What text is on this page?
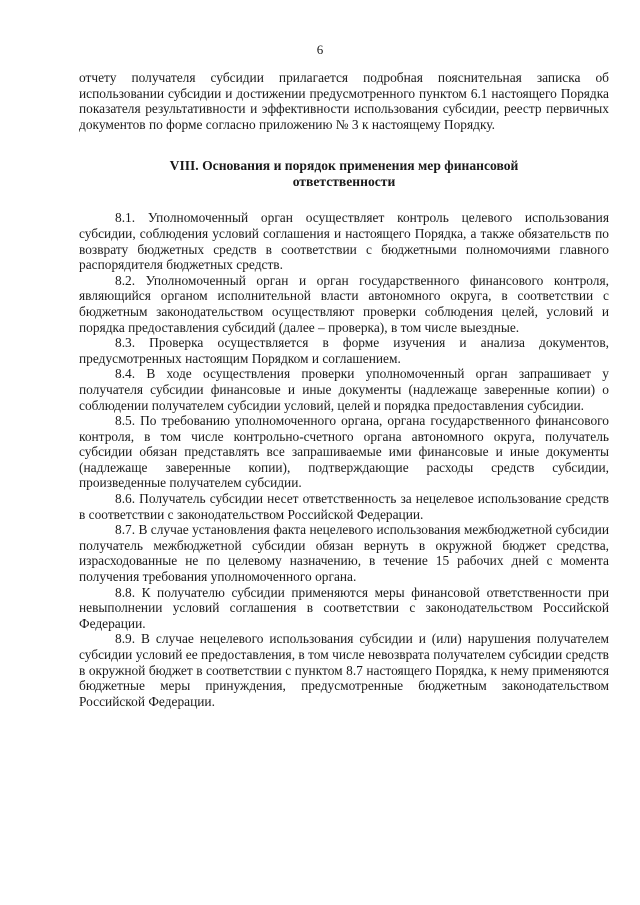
6

отчету получателя субсидии прилагается подробная пояснительная записка об использовании субсидии и достижении предусмотренного пунктом 6.1 настоящего Порядка показателя результативности и эффективности использования субсидии, реестр первичных документов по форме согласно приложению № 3 к настоящему Порядку.

VIII. Основания и порядок применения мер финансовой
ответственности

8.1. Уполномоченный орган осуществляет контроль целевого использования субсидии, соблюдения условий соглашения и настоящего Порядка, а также обязательств по возврату бюджетных средств в соответствии с бюджетными полномочиями главного распорядителя бюджетных средств.

8.2. Уполномоченный орган и орган государственного финансового контроля, являющийся органом исполнительной власти автономного округа, в соответствии с бюджетным законодательством осуществляют проверки соблюдения целей, условий и порядка предоставления субсидий (далее – проверка), в том числе выездные.

8.3. Проверка осуществляется в форме изучения и анализа документов, предусмотренных настоящим Порядком и соглашением.

8.4. В ходе осуществления проверки уполномоченный орган запрашивает у получателя субсидии финансовые и иные документы (надлежаще заверенные копии) о соблюдении получателем субсидии условий, целей и порядка предоставления субсидии.

8.5. По требованию уполномоченного органа, органа государственного финансового контроля, в том числе контрольно-счетного органа автономного округа, получатель субсидии обязан представлять все запрашиваемые ими финансовые и иные документы (надлежаще заверенные копии), подтверждающие расходы средств субсидии, произведенные получателем субсидии.

8.6. Получатель субсидии несет ответственность за нецелевое использование средств в соответствии с законодательством Российской Федерации.

8.7. В случае установления факта нецелевого использования межбюджетной субсидии получатель межбюджетной субсидии обязан вернуть в окружной бюджет средства, израсходованные не по целевому назначению, в течение 15 рабочих дней с момента получения требования уполномоченного органа.

8.8. К получателю субсидии применяются меры финансовой ответственности при невыполнении условий соглашения в соответствии с законодательством Российской Федерации.

8.9. В случае нецелевого использования субсидии и (или) нарушения получателем субсидии условий ее предоставления, в том числе невозврата получателем субсидии средств в окружной бюджет в соответствии с пунктом 8.7 настоящего Порядка, к нему применяются бюджетные меры принуждения, предусмотренные бюджетным законодательством Российской Федерации.
